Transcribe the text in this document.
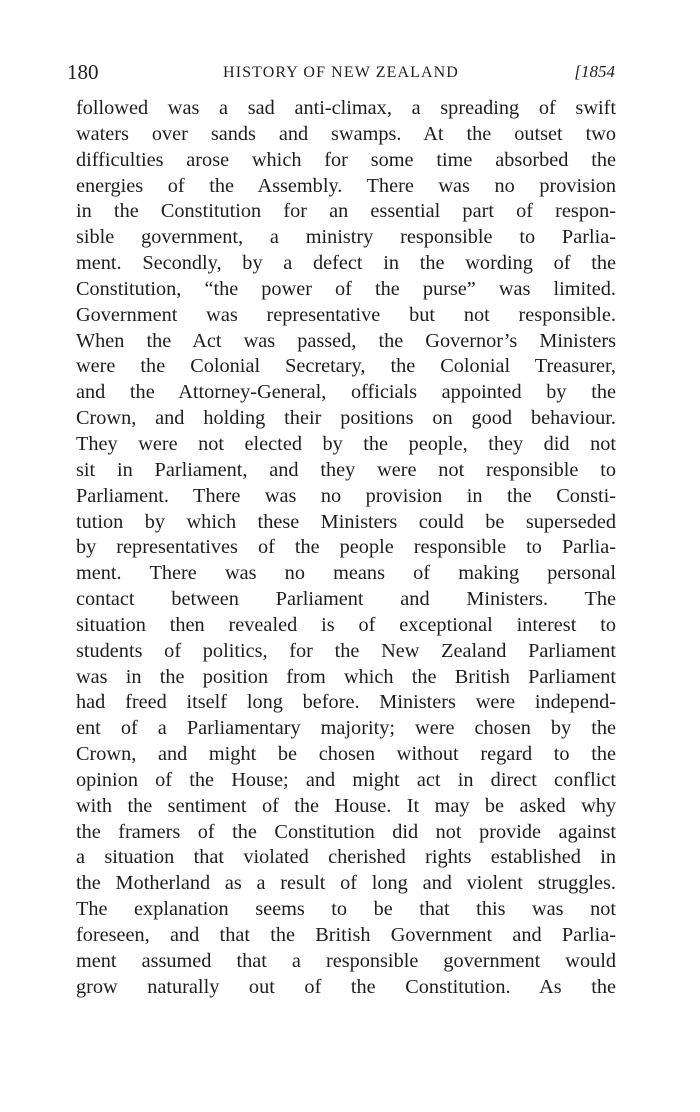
180	HISTORY OF NEW ZEALAND	[1854
followed was a sad anti-climax, a spreading of swift
waters over sands and swamps. At the outset two
difficulties arose which for some time absorbed the
energies of the Assembly. There was no provision
in the Constitution for an essential part of respon-
sible government, a ministry responsible to Parlia-
ment. Secondly, by a defect in the wording of the
Constitution, “the power of the purse” was limited.
Government was representative but not responsible.
When the Act was passed, the Governor’s Ministers
were the Colonial Secretary, the Colonial Treasurer,
and the Attorney-General, officials appointed by the
Crown, and holding their positions on good behaviour.
They were not elected by the people, they did not
sit in Parliament, and they were not responsible to
Parliament. There was no provision in the Consti-
tution by which these Ministers could be superseded
by representatives of the people responsible to Parlia-
ment. There was no means of making personal
contact between Parliament and Ministers. The
situation then revealed is of exceptional interest to
students of politics, for the New Zealand Parliament
was in the position from which the British Parliament
had freed itself long before. Ministers were independ-
ent of a Parliamentary majority; were chosen by the
Crown, and might be chosen without regard to the
opinion of the House; and might act in direct conflict
with the sentiment of the House. It may be asked why
the framers of the Constitution did not provide against
a situation that violated cherished rights established in
the Motherland as a result of long and violent struggles.
The explanation seems to be that this was not
foreseen, and that the British Government and Parlia-
ment assumed that a responsible government would
grow naturally out of the Constitution. As the
